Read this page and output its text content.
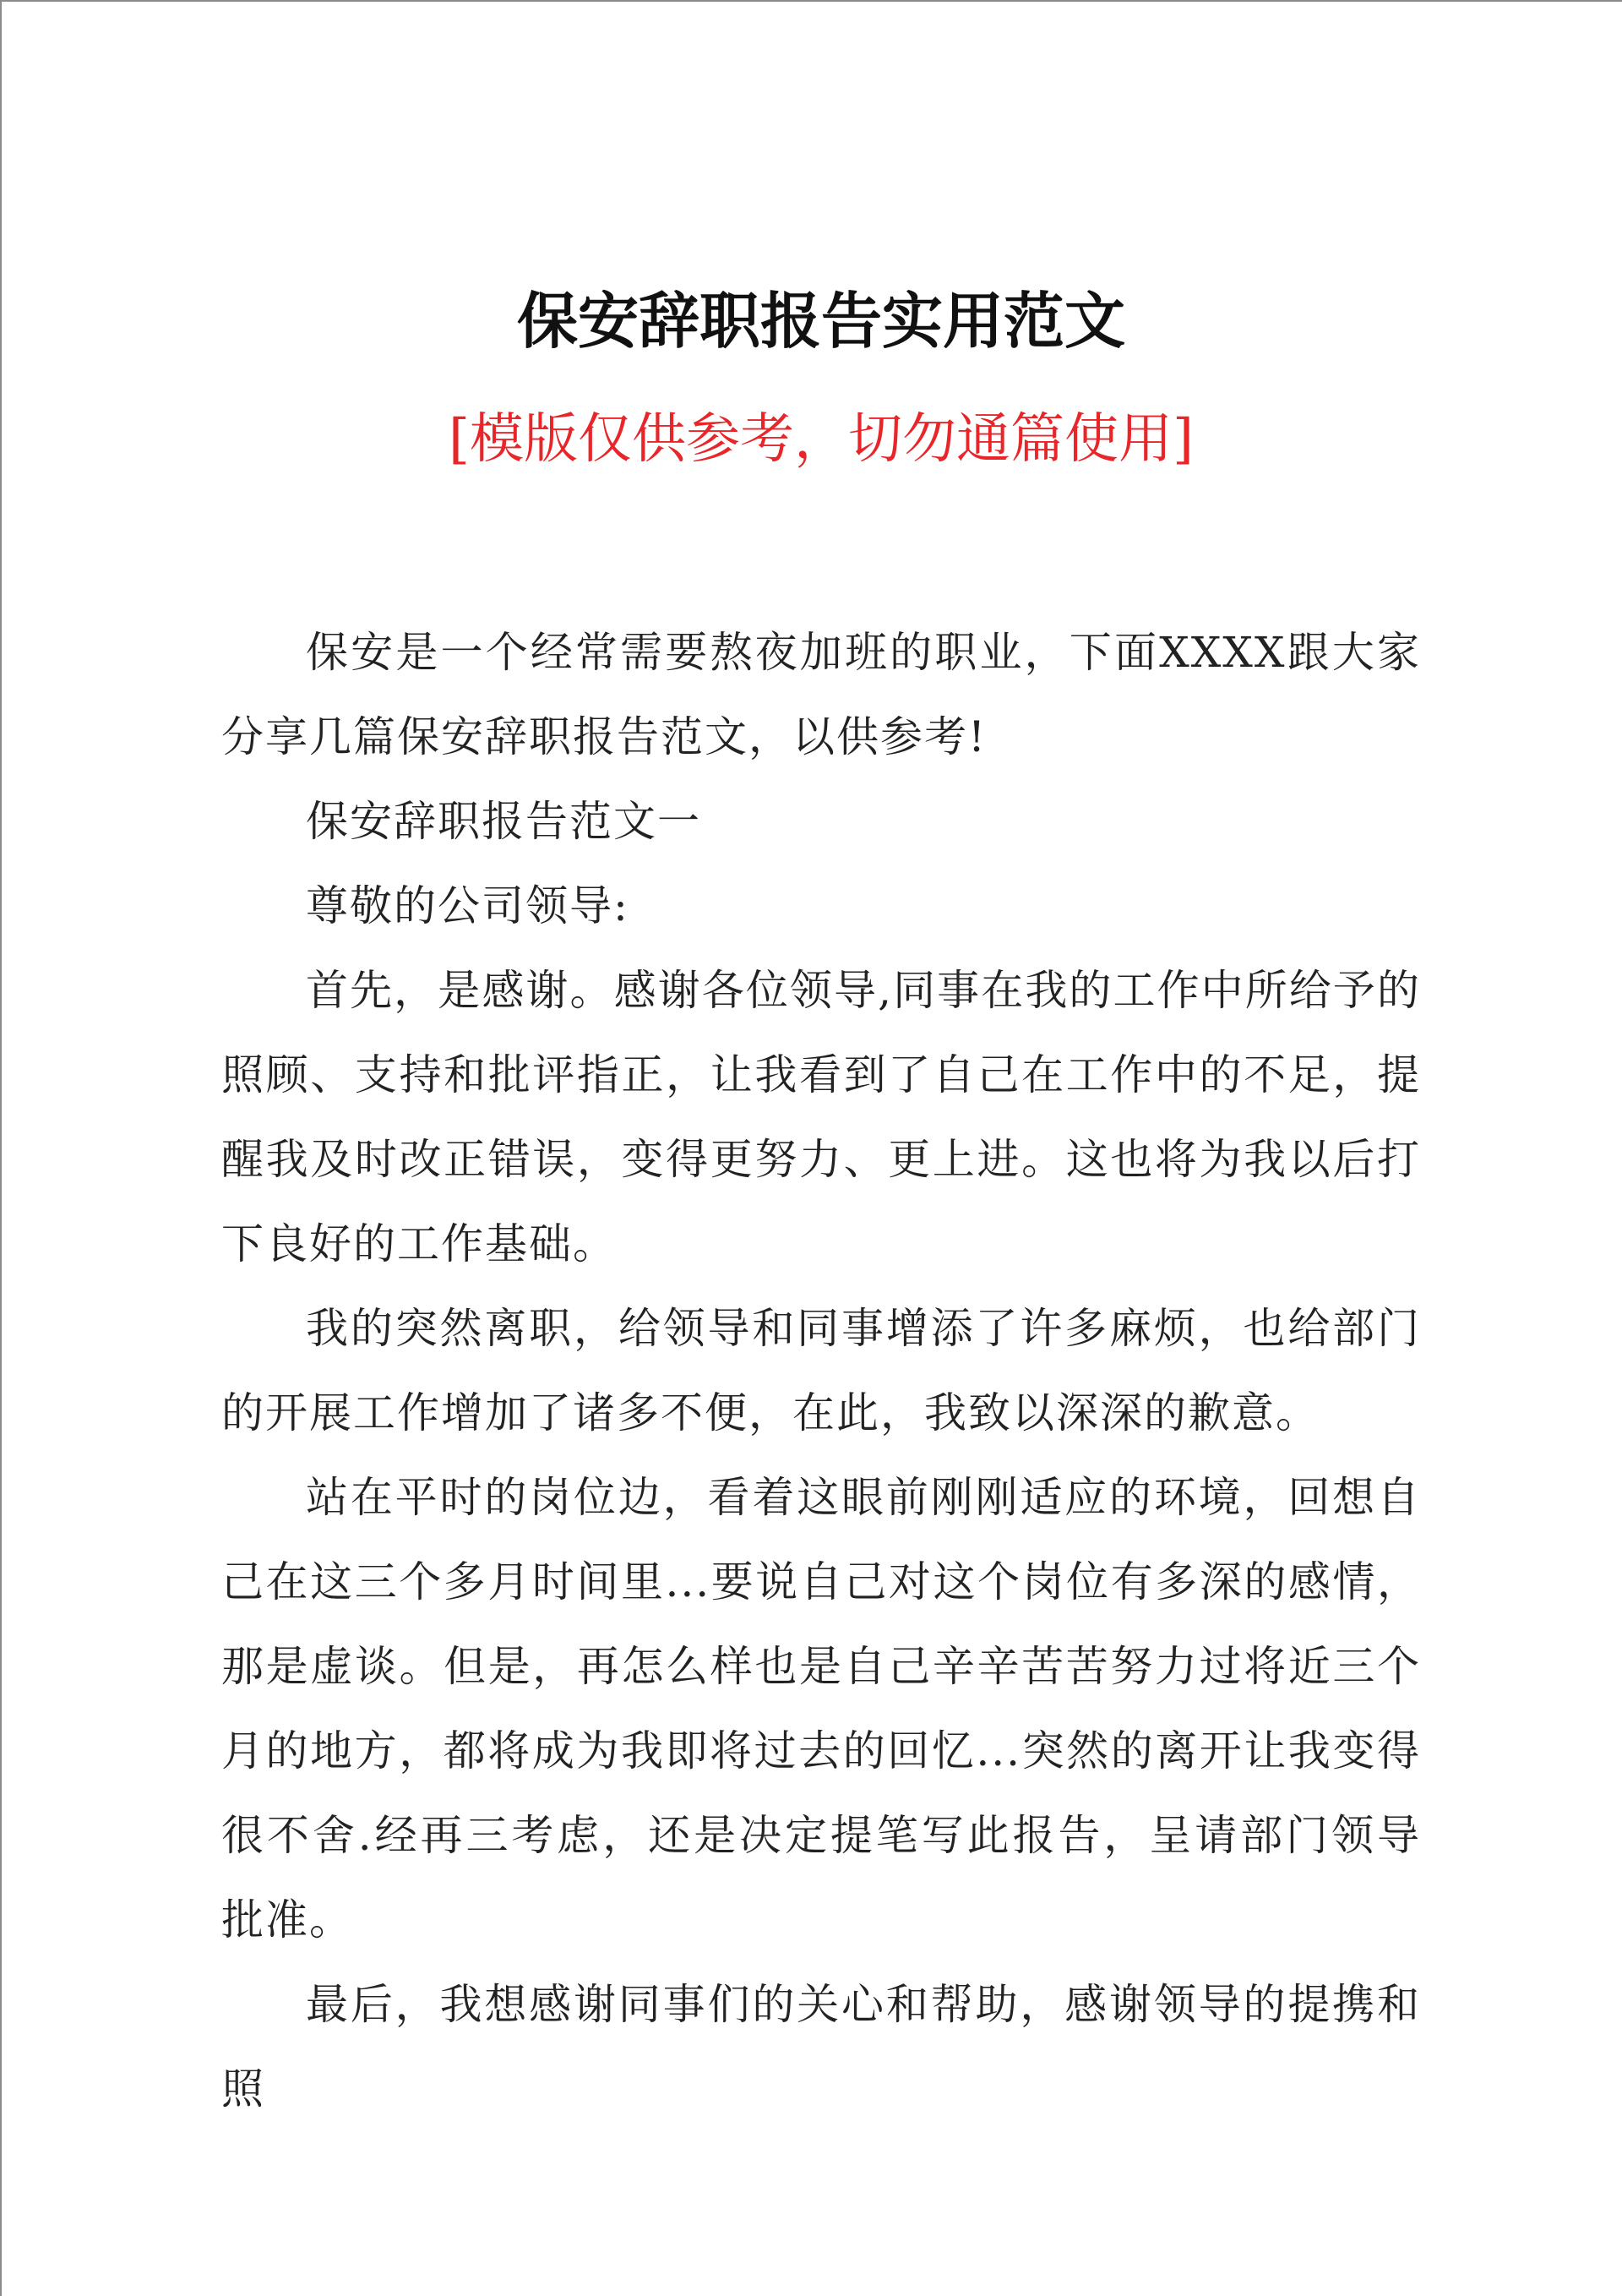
保安辞职报告实用范文
[模版仅供参考，切勿通篇使用]

保安是一个经常需要熬夜加班的职业，下面XXXX跟大家分享几篇保安辞职报告范文，以供参考!

保安辞职报告范文一

尊敬的公司领导:

首先，是感谢。感谢各位领导,同事在我的工作中所给予的照顾、支持和批评指正，让我看到了自己在工作中的不足，提醒我及时改正错误，变得更努力、更上进。这也将为我以后打下良好的工作基础。

我的突然离职，给领导和同事增添了许多麻烦，也给部门的开展工作增加了诸多不便，在此，我致以深深的歉意。

站在平时的岗位边，看着这眼前刚刚适应的环境，回想自己在这三个多月时间里...要说自己对这个岗位有多深的感情，那是虚谈。但是，再怎么样也是自己辛辛苦苦努力过将近三个月的地方，都将成为我即将过去的回忆...突然的离开让我变得很不舍.经再三考虑，还是决定提笔写此报告，呈请部门领导批准。

最后，我想感谢同事们的关心和帮助，感谢领导的提携和照
